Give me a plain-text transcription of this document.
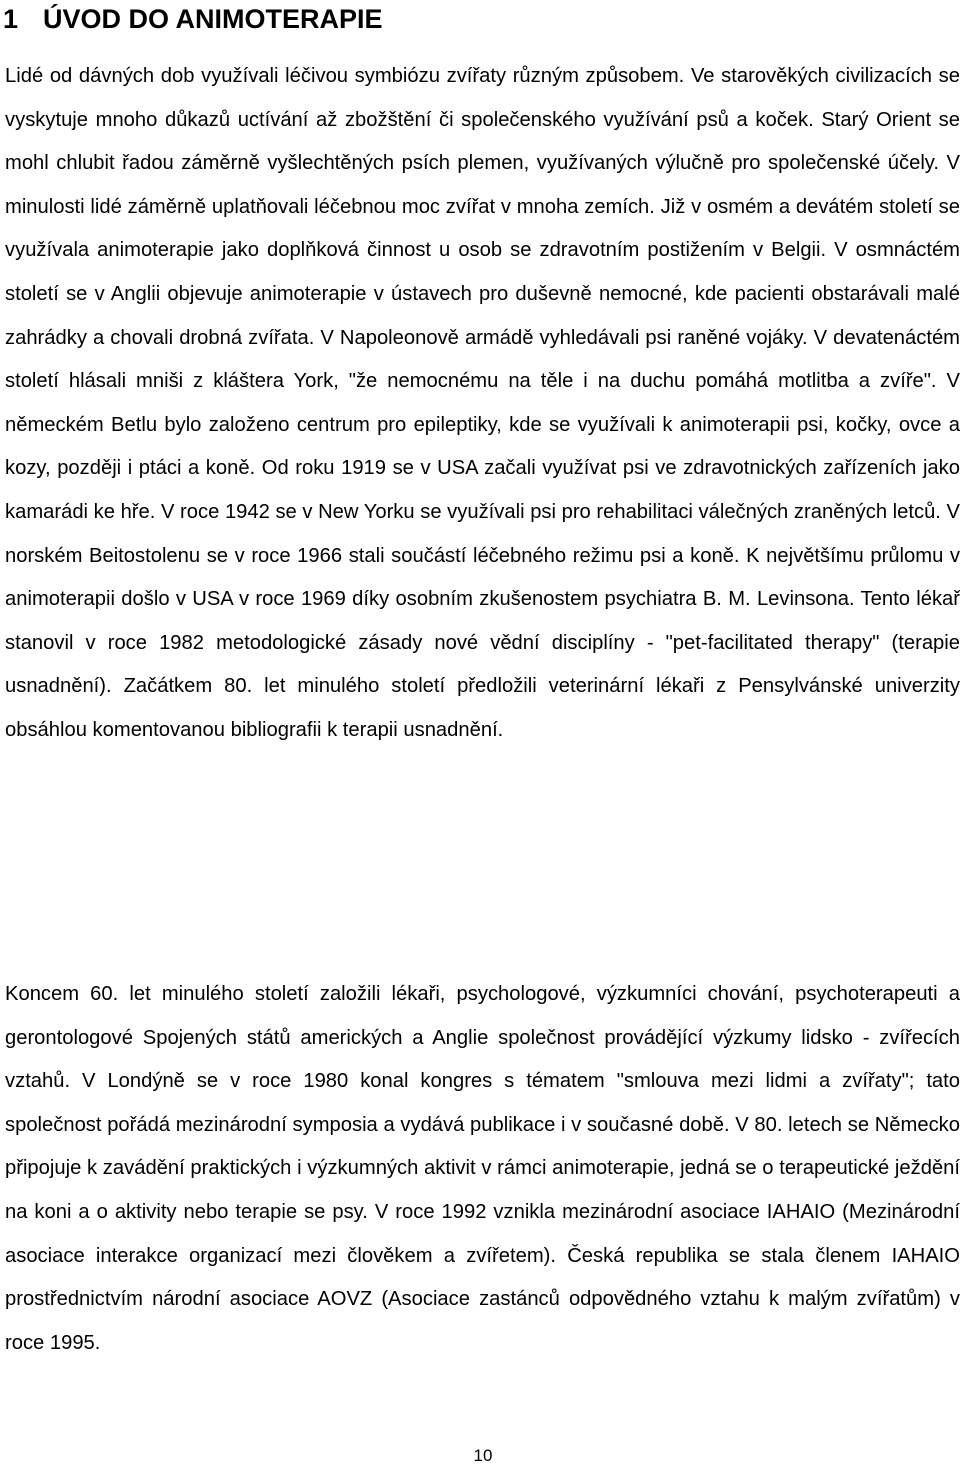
1 ÚVOD DO ANIMOTERAPIE

Lidé od dávných dob využívali léčivou symbiózu zvířaty různým způsobem. Ve starověkých civilizacích se vyskytuje mnoho důkazů uctívání až zbožštění či společenského využívání psů a koček. Starý Orient se mohl chlubit řadou záměrně vyšlechtěných psích plemen, využívaných výlučně pro společenské účely. V minulosti lidé záměrně uplatňovali léčebnou moc zvířat v mnoha zemích. Již v osmém a devátém století se využívala animoterapie jako doplňková činnost u osob se zdravotním postižením v Belgii. V osmnáctém století se v Anglii objevuje animoterapie v ústavech pro duševně nemocné, kde pacienti obstarávali malé zahrádky a chovali drobná zvířata. V Napoleonově armádě vyhledávali psi raněné vojáky. V devatenáctém století hlásali mniši z kláštera York, "že nemocnému na těle i na duchu pomáhá motlitba a zvíře". V německém Betlu bylo založeno centrum pro epileptiky, kde se využívali k animoterapii psi, kočky, ovce a kozy, později i ptáci a koně. Od roku 1919 se v USA začali využívat psi ve zdravotnických zařízeních jako kamarádi ke hře. V roce 1942 se v New Yorku se využívali psi pro rehabilitaci válečných zraněných letců. V norském Beitostolenu se v roce 1966 stali součástí léčebného režimu psi a koně. K největšímu průlomu v animoterapii došlo v USA v roce 1969 díky osobním zkušenostem psychiatra B. M. Levinsona. Tento lékař stanovil v roce 1982 metodologické zásady nové vědní disciplíny - "pet-facilitated therapy" (terapie usnadnění). Začátkem 80. let minulého století předložili veterinární lékaři z Pensylvánské univerzity obsáhlou komentovanou bibliografii k terapii usnadnění.

Koncem 60. let minulého století založili lékaři, psychologové, výzkumníci chování, psychoterapeuti a gerontologové Spojených států amerických a Anglie společnost provádějící výzkumy lidsko - zvířecích vztahů. V Londýně se v roce 1980 konal kongres s tématem "smlouva mezi lidmi a zvířaty"; tato společnost pořádá mezinárodní symposia a vydává publikace i v současné době. V 80. letech se Německo připojuje k zavádění praktických i výzkumných aktivit v rámci animoterapie, jedná se o terapeutické ježdění na koni a o aktivity nebo terapie se psy. V roce 1992 vznikla mezinárodní asociace IAHAIO (Mezinárodní asociace interakce organizací mezi člověkem a zvířetem). Česká republika se stala členem IAHAIO prostřednictvím národní asociace AOVZ (Asociace zastánců odpovědného vztahu k malým zvířatům) v roce 1995.

10
